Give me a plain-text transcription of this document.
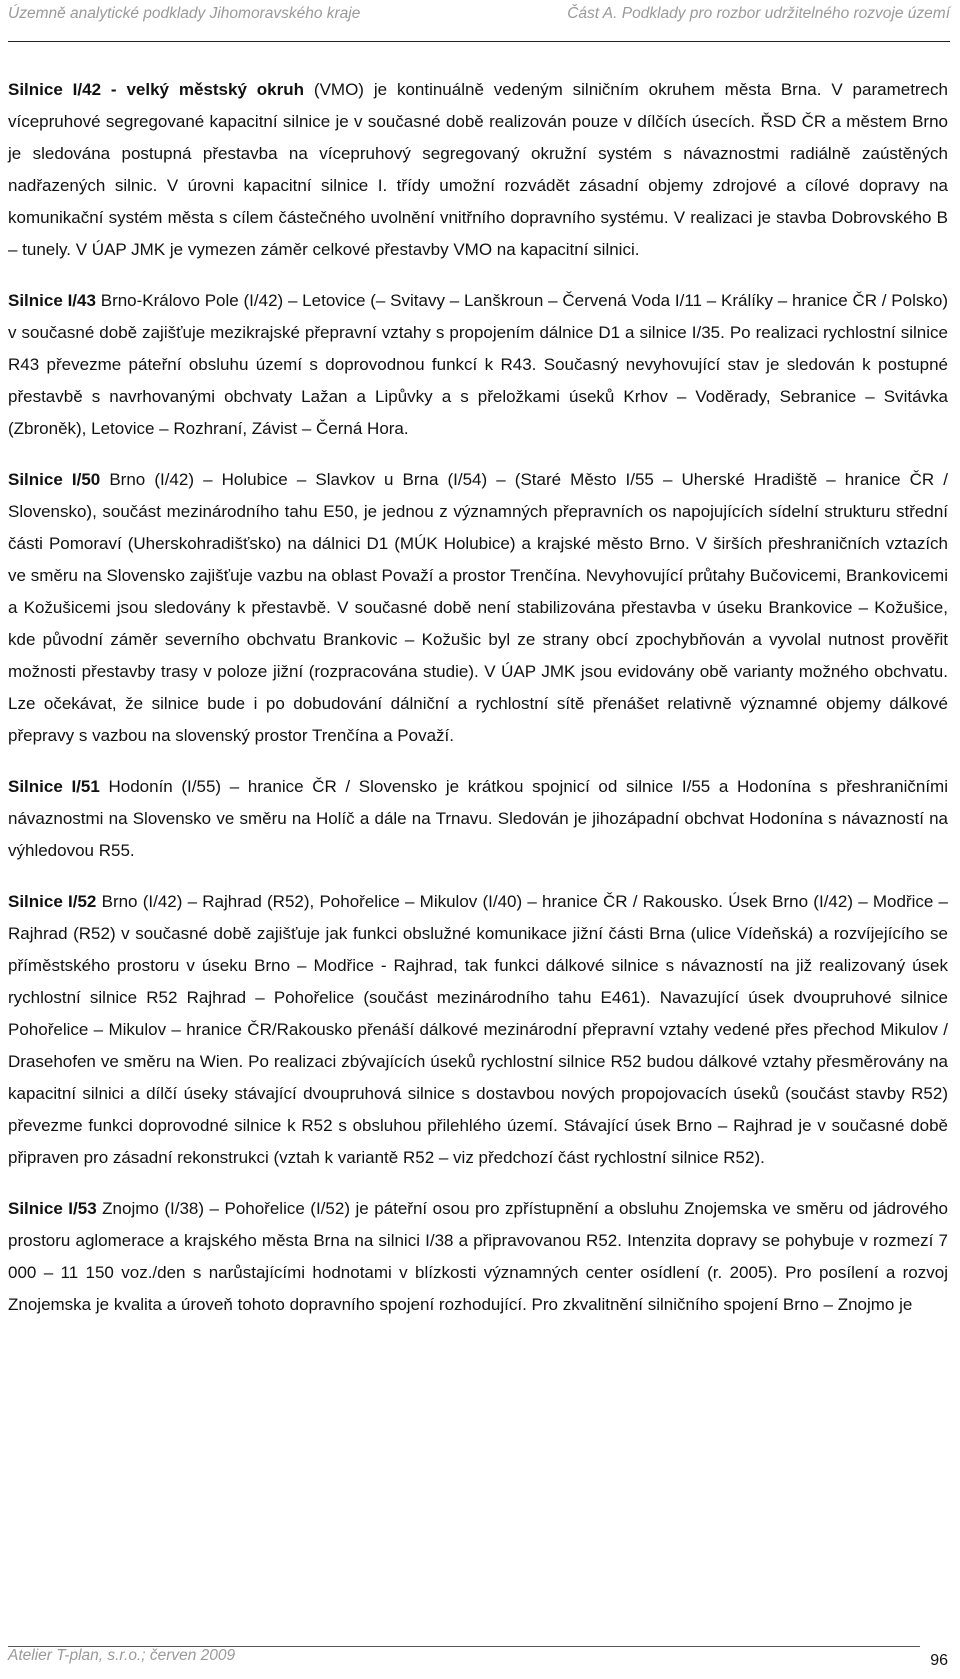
Územně analytické podklady Jihomoravského kraje	Část A. Podklady pro rozbor udržitelného rozvoje území

Silnice I/42 - velký městský okruh (VMO) je kontinuálně vedeným silničním okruhem města Brna. V parametrech vícepruhové segregované kapacitní silnice je v současné době realizován pouze v dílčích úsecích. ŘSD ČR a městem Brno je sledována postupná přestavba na vícepruhový segregovaný okružní systém s návaznostmi radiálně zaústěných nadřazených silnic. V úrovni kapacitní silnice I. třídy umožní rozvádět zásadní objemy zdrojové a cílové dopravy na komunikační systém města s cílem částečného uvolnění vnitřního dopravního systému. V realizaci je stavba Dobrovského B – tunely. V ÚAP JMK je vymezen záměr celkové přestavby VMO na kapacitní silnici.

Silnice I/43 Brno-Královo Pole (I/42) – Letovice (– Svitavy – Lanškroun – Červená Voda I/11 – Králíky – hranice ČR / Polsko) v současné době zajišťuje mezikrajské přepravní vztahy s propojením dálnice D1 a silnice I/35. Po realizaci rychlostní silnice R43 převezme páteřní obsluhu území s doprovodnou funkcí k R43. Současný nevyhovující stav je sledován k postupné přestavbě s navrhovanými obchvaty Lažan a Lipůvky a s přeložkami úseků Krhov – Voděrady, Sebranice – Svitávka (Zbroněk), Letovice – Rozhraní, Závist – Černá Hora.

Silnice I/50 Brno (I/42) – Holubice – Slavkov u Brna (I/54) – (Staré Město I/55 – Uherské Hradiště – hranice ČR / Slovensko), součást mezinárodního tahu E50, je jednou z významných přepravních os napojujících sídelní strukturu střední části Pomoraví (Uherskohradišťsko) na dálnici D1 (MÚK Holubice) a krajské město Brno. V širších přeshraničních vztazích ve směru na Slovensko zajišťuje vazbu na oblast Považí a prostor Trenčína. Nevyhovující průtahy Bučovicemi, Brankovicemi a Kožušicemi jsou sledovány k přestavbě. V současné době není stabilizována přestavba v úseku Brankovice – Kožušice, kde původní záměr severního obchvatu Brankovic – Kožušic byl ze strany obcí zpochybňován a vyvolal nutnost prověřit možnosti přestavby trasy v poloze jižní (rozpracována studie). V ÚAP JMK jsou evidovány obě varianty možného obchvatu. Lze očekávat, že silnice bude i po dobudování dálniční a rychlostní sítě přenášet relativně významné objemy dálkové přepravy s vazbou na slovenský prostor Trenčína a Považí.

Silnice I/51 Hodonín (I/55) – hranice ČR / Slovensko je krátkou spojnicí od silnice I/55 a Hodonína s přeshraničními návaznostmi na Slovensko ve směru na Holíč a dále na Trnavu. Sledován je jihozápadní obchvat Hodonína s návazností na výhledovou R55.

Silnice I/52 Brno (I/42) – Rajhrad (R52), Pohořelice – Mikulov (I/40) – hranice ČR / Rakousko. Úsek Brno (I/42) – Modřice – Rajhrad (R52) v současné době zajišťuje jak funkci obslužné komunikace jižní části Brna (ulice Vídeňská) a rozvíjejícího se příměstského prostoru v úseku Brno – Modřice - Rajhrad, tak funkci dálkové silnice s návazností na již realizovaný úsek rychlostní silnice R52 Rajhrad – Pohořelice (součást mezinárodního tahu E461). Navazující úsek dvoupruhové silnice Pohořelice – Mikulov – hranice ČR/Rakousko přenáší dálkové mezinárodní přepravní vztahy vedené přes přechod Mikulov / Drasehofen ve směru na Wien. Po realizaci zbývajících úseků rychlostní silnice R52 budou dálkové vztahy přesměrovány na kapacitní silnici a dílčí úseky stávající dvoupruhová silnice s dostavbou nových propojovacích úseků (součást stavby R52) převezme funkci doprovodné silnice k R52 s obsluhou přilehlého území. Stávající úsek Brno – Rajhrad je v současné době připraven pro zásadní rekonstrukci (vztah k variantě R52 – viz předchozí část rychlostní silnice R52).

Silnice I/53 Znojmo (I/38) – Pohořelice (I/52) je páteřní osou pro zpřístupnění a obsluhu Znojemska ve směru od jádrového prostoru aglomerace a krajského města Brna na silnici I/38 a připravovanou R52. Intenzita dopravy se pohybuje v rozmezí 7 000 – 11 150 voz./den s narůstajícími hodnotami v blízkosti významných center osídlení (r. 2005). Pro posílení a rozvoj Znojemska je kvalita a úroveň tohoto dopravního spojení rozhodující. Pro zkvalitnění silničního spojení Brno – Znojmo je

Atelier T-plan, s.r.o.; červen 2009	96
